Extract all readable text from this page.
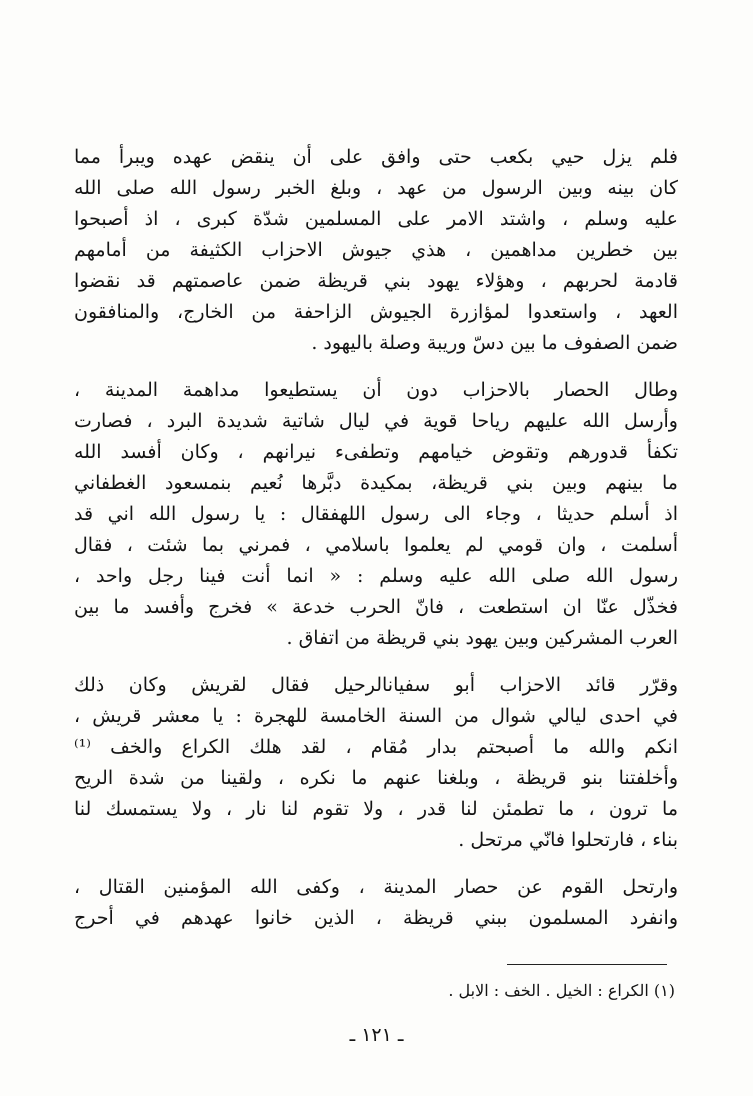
فلم يزل حيي بكعب حتى وافق على أن ينقض عهده ويبرأ مما
كان بينه وبين الرسول من عهد ، وبلغ الخبر رسول الله صلى الله
عليه وسلم ، واشتد الامر على المسلمين شدّة كبرى ، اذ أصبحوا
بين خطرين مداهمين ، هذي جيوش الاحزاب الكثيفة من أمامهم
قادمة لحربهم ، وهؤلاء يهود بني قريظة ضمن عاصمتهم قد نقضوا
العهد ، واستعدوا لمؤازرة الجيوش الزاحفة من الخارج، والمنافقون
ضمن الصفوف ما بين دسّ وريبة وصلة باليهود .
وطال الحصار بالاحزاب دون أن يستطيعوا مداهمة المدينة ،
وأرسل الله عليهم رياحا قوية في ليال شاتية شديدة البرد ، فصارت
تكفأ قدورهم وتقوض خيامهم وتطفىء نيرانهم ، وكان أفسد الله
ما بينهم وبين بني قريظة، بمكيدة دبَّرها نُعيم بنمسعود الغطفاني
اذ أسلم حديثا ، وجاء الى رسول اللهفقال : يا رسول الله اني قد
أسلمت ، وان قومي لم يعلموا باسلامي ، فمرني بما شئت ، فقال
رسول الله صلى الله عليه وسلم : « انما أنت فينا رجل واحد ،
فخذّل عنّا ان استطعت ، فانّ الحرب خدعة » فخرج وأفسد ما بين
العرب المشركين وبين يهود بني قريظة من اتفاق .
وقرّر قائد الاحزاب أبو سفيانالرحيل فقال لقريش وكان ذلك
في احدى ليالي شوال من السنة الخامسة للهجرة : يا معشر قريش ،
انكم والله ما أصبحتم بدار مُقام ، لقد هلك الكراع والخف ⁽¹⁾
وأخلفتنا بنو قريظة ، وبلغنا عنهم ما نكره ، ولقينا من شدة الريح
ما ترون ، ما تطمئن لنا قدر ، ولا تقوم لنا نار ، ولا يستمسك لنا
بناء ، فارتحلوا فانّي مرتحل .
وارتحل القوم عن حصار المدينة ، وكفى الله المؤمنين القتال ،
وانفرد المسلمون ببني قريظة ، الذين خانوا عهدهم في أحرج
(١) الكراع : الخيل . الخف : الابل .
ـ ١٢١ ـ
